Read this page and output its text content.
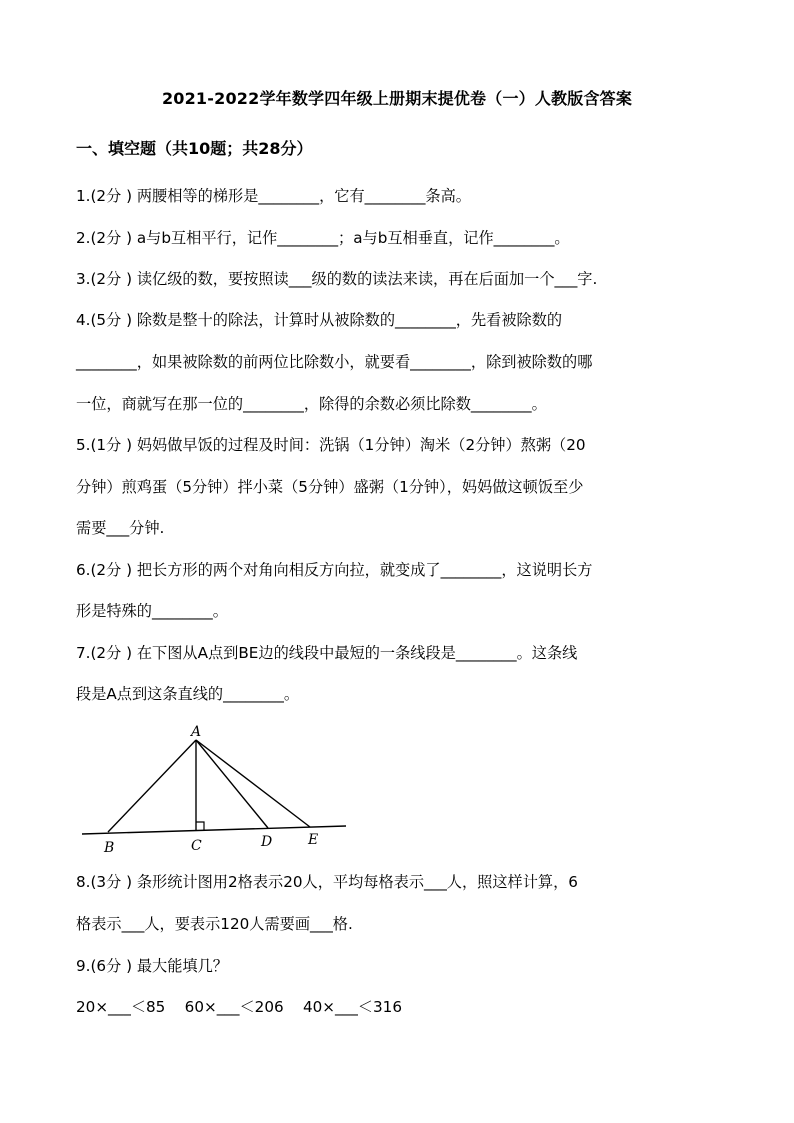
2021-2022学年数学四年级上册期末提优卷（一）人教版含答案
一、填空题（共10题；共28分）
1.(2分 ) 两腰相等的梯形是________，它有________条高。
2.(2分 ) a与b互相平行，记作________；a与b互相垂直，记作________。
3.(2分 ) 读亿级的数，要按照读___级的数的读法来读，再在后面加一个___字.
4.(5分 ) 除数是整十的除法，计算时从被除数的________，先看被除数的
________，如果被除数的前两位比除数小，就要看________，除到被除数的哪
一位，商就写在那一位的________，除得的余数必须比除数________。
5.(1分 ) 妈妈做早饭的过程及时间：洗锅（1分钟）淘米（2分钟）熬粥（20
分钟）煎鸡蛋（5分钟）拌小菜（5分钟）盛粥（1分钟），妈妈做这顿饭至少
需要___分钟.
6.(2分 ) 把长方形的两个对角向相反方向拉，就变成了________，这说明长方
形是特殊的________。
7.(2分 ) 在下图从A点到BE边的线段中最短的一条线段是________。这条线
段是A点到这条直线的________。
A
B	C	D	E
8.(3分 ) 条形统计图用2格表示20人，平均每格表示___人，照这样计算，6
格表示___人，要表示120人需要画___格.
9.(6分 ) 最大能填几？
20×___＜85    60×___＜206    40×___＜316
